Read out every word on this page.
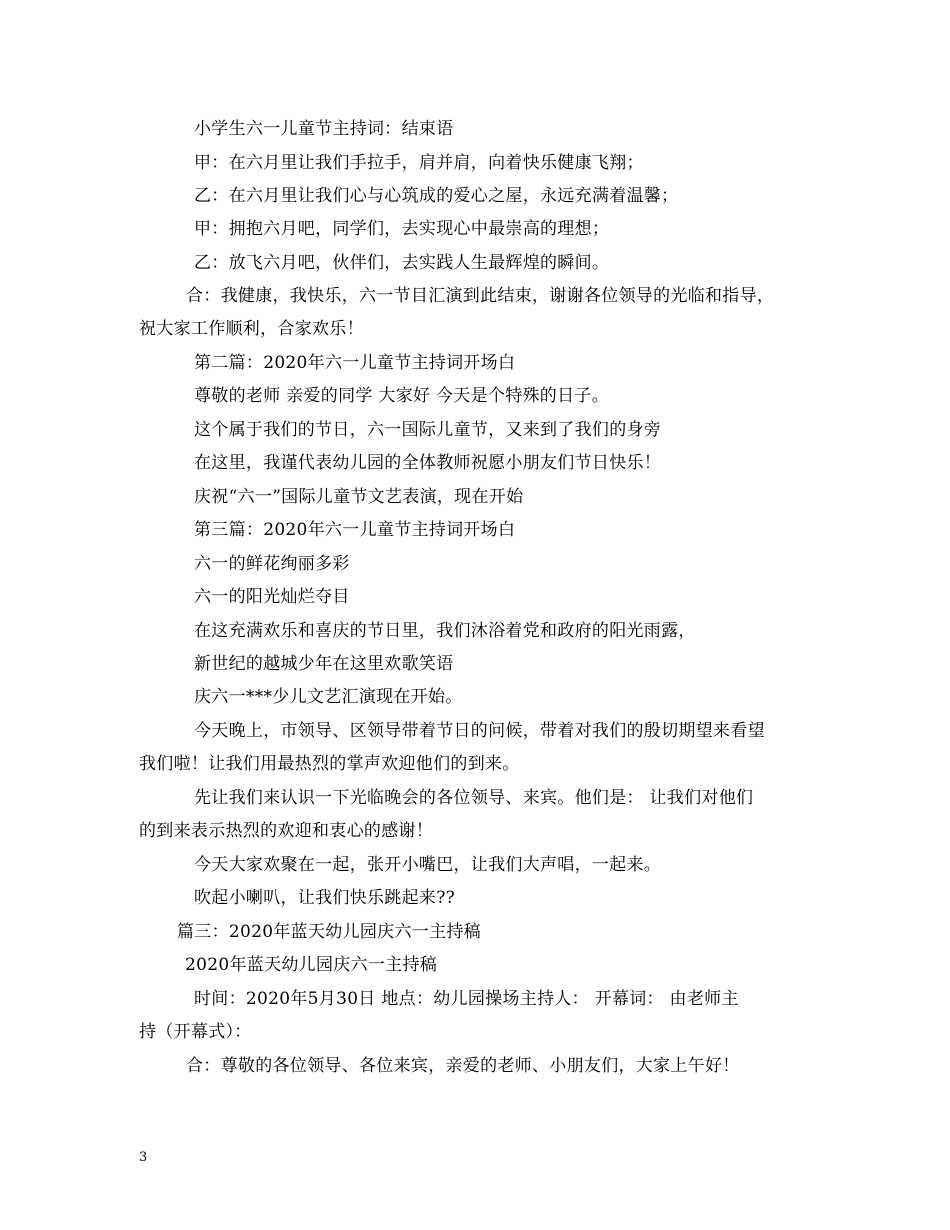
小学生六一儿童节主持词：结束语
甲：在六月里让我们手拉手，肩并肩，向着快乐健康飞翔；
乙：在六月里让我们心与心筑成的爱心之屋，永远充满着温馨；
甲：拥抱六月吧，同学们，去实现心中最崇高的理想；
乙：放飞六月吧，伙伴们，去实践人生最辉煌的瞬间。
合：我健康，我快乐，六一节目汇演到此结束，谢谢各位领导的光临和指导，
祝大家工作顺利，合家欢乐！
第二篇：2020年六一儿童节主持词开场白
尊敬的老师 亲爱的同学 大家好 今天是个特殊的日子。
这个属于我们的节日，六一国际儿童节，又来到了我们的身旁
在这里，我谨代表幼儿园的全体教师祝愿小朋友们节日快乐！
庆祝“六一”国际儿童节文艺表演，现在开始
第三篇：2020年六一儿童节主持词开场白
六一的鲜花绚丽多彩
六一的阳光灿烂夺目
在这充满欢乐和喜庆的节日里，我们沐浴着党和政府的阳光雨露，
新世纪的越城少年在这里欢歌笑语
庆六一***少儿文艺汇演现在开始。
今天晚上，市领导、区领导带着节日的问候，带着对我们的殷切期望来看望
我们啦！让我们用最热烈的掌声欢迎他们的到来。
先让我们来认识一下光临晚会的各位领导、来宾。他们是： 让我们对他们
的到来表示热烈的欢迎和衷心的感谢！
今天大家欢聚在一起，张开小嘴巴，让我们大声唱，一起来。
吹起小喇叭，让我们快乐跳起来??
篇三：2020年蓝天幼儿园庆六一主持稿
2020年蓝天幼儿园庆六一主持稿
时间：2020年5月30日 地点：幼儿园操场主持人： 开幕词： 由老师主
持（开幕式）：
合：尊敬的各位领导、各位来宾，亲爱的老师、小朋友们，大家上午好！
3
